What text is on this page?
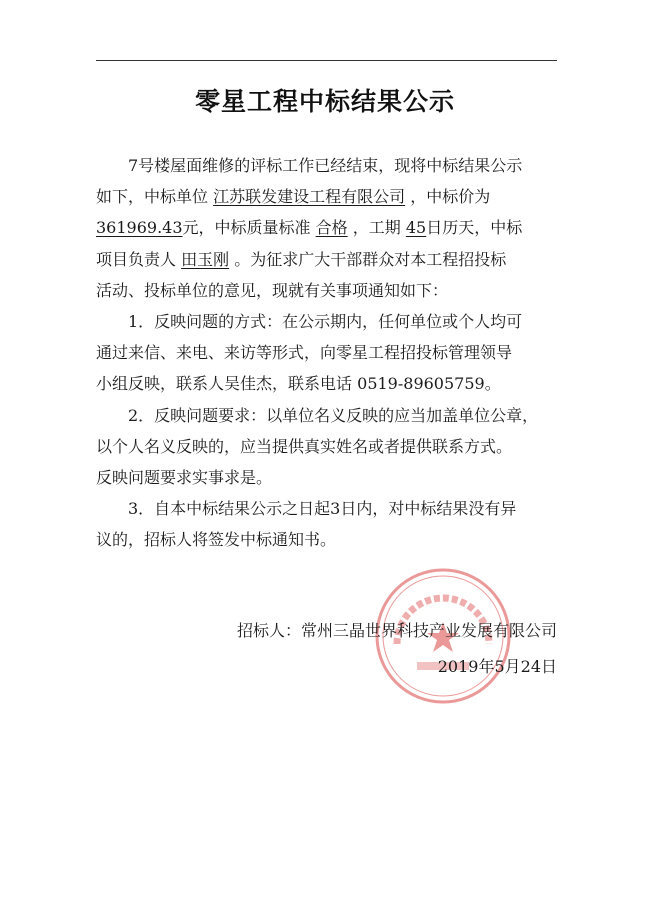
零星工程中标结果公示
7号楼屋面维修的评标工作已经结束，现将中标结果公示
如下，中标单位 江苏联发建设工程有限公司 ，中标价为
361969.43元，中标质量标准 合格 ，工期 45日历天，中标
项目负责人 田玉刚 。为征求广大干部群众对本工程招投标
活动、投标单位的意见，现就有关事项通知如下：
1．反映问题的方式：在公示期内，任何单位或个人均可
通过来信、来电、来访等形式，向零星工程招投标管理领导
小组反映，联系人吴佳杰，联系电话 0519-89605759。
2．反映问题要求：以单位名义反映的应当加盖单位公章，
以个人名义反映的，应当提供真实姓名或者提供联系方式。
反映问题要求实事求是。
3．自本中标结果公示之日起3日内，对中标结果没有异
议的，招标人将签发中标通知书。
招标人：常州三晶世界科技产业发展有限公司
2019年5月24日
